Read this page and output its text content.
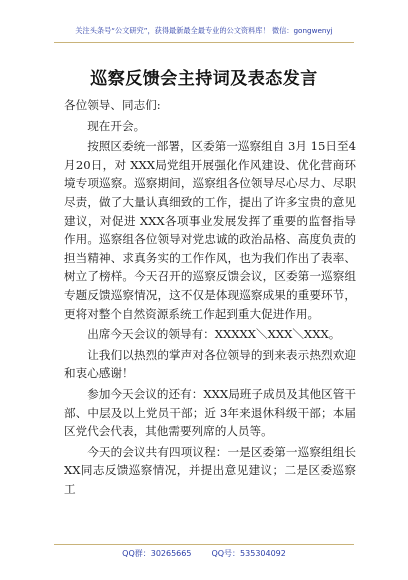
关注头条号“公文研究”，获得最新最全最专业的公文资料库！ 微信：gongwenyj
巡察反馈会主持词及表态发言

各位领导、同志们:

现在开会。

按照区委统一部署，区委第一巡察组自 3月 15日至4月20日，对 XXX局党组开展强化作风建设、优化营商环境专项巡察。巡察期间，巡察组各位领导尽心尽力、尽职尽责，做了大量认真细致的工作，提出了许多宝贵的意见建议，对促进 XXX各项事业发展发挥了重要的监督指导作用。巡察组各位领导对党忠诚的政治品格、高度负责的担当精神、求真务实的工作作风，也为我们作出了表率、树立了榜样。今天召开的巡察反馈会议，区委第一巡察组专题反馈巡察情况，这不仅是体现巡察成果的重要环节，更将对整个自然资源系统工作起到重大促进作用。

出席今天会议的领导有：XXXXX＼XXX＼XXX。

让我们以热烈的掌声对各位领导的到来表示热烈欢迎和衷心感谢！

参加今天会议的还有：XXX局班子成员及其他区管干部、中层及以上党员干部；近 3年来退休科级干部；本届区党代会代表，其他需要列席的人员等。

今天的会议共有四项议程：一是区委第一巡察组组长 XX同志反馈巡察情况，并提出意见建议；二是区委巡察工

QQ群：30265665	QQ号：535304092
